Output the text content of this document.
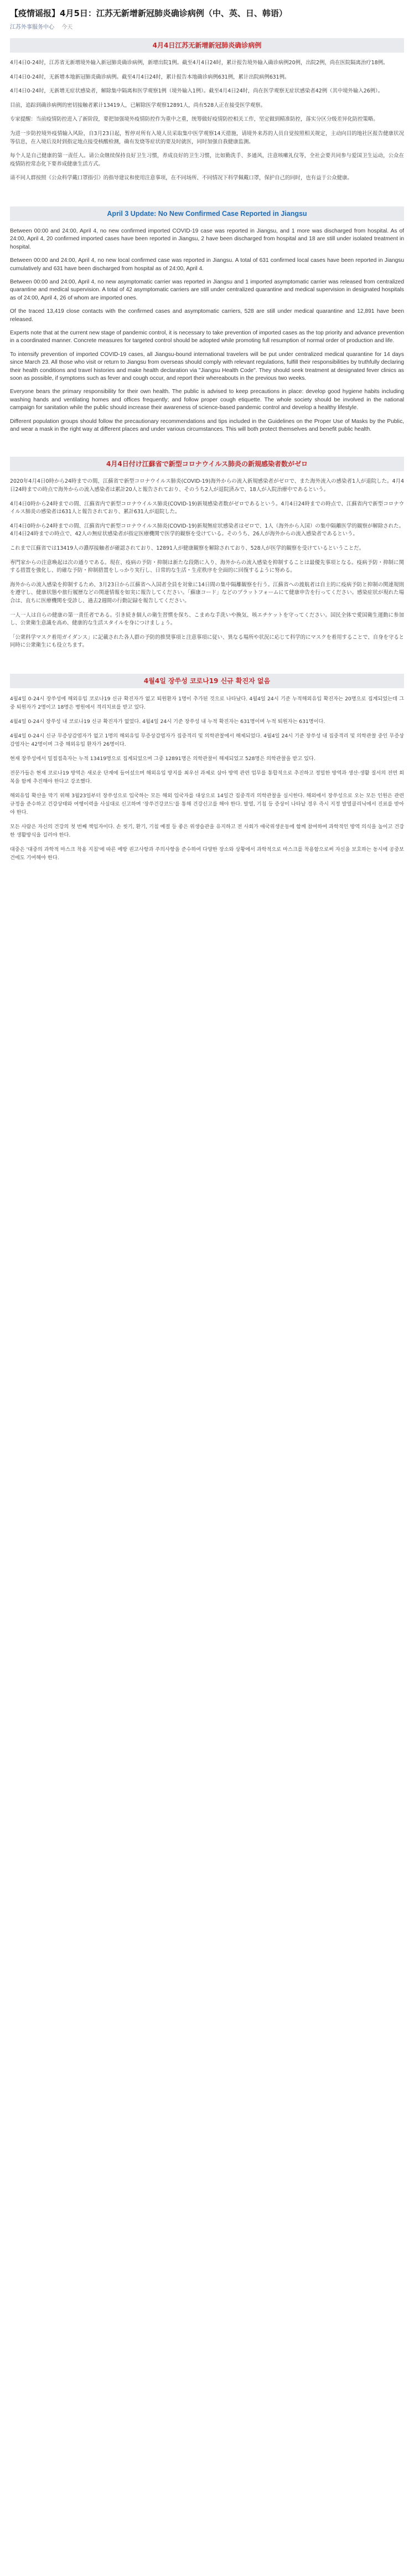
【疫情谣报】4月5日：江苏无新增新冠肺炎确诊病例（中、英、日、韩语）
江苏外事服务中心 今天
4月4日江苏无新增新冠肺炎确诊病例

4月4日0-24时，江苏省无新增境外输入新冠肺炎确诊病例，新增出院1例。截至4月4日24时，累计报告境外输入确诊病例20例，出院2例，尚在医院隔离治疗18例。

4月4日0-24时，无新增本地新冠肺炎确诊病例。截至4月4日24时，累计报告本地确诊病例631例，累计出院病例631例。

4月4日0-24时，无新增无症状感染者，解除集中隔离和医学观察1例（境外输入1例）。截至4月4日24时，尚在医学观察无症状感染者42例（其中境外输入26例）。

目前，追踪到确诊病例的密切接触者累计13419人，已解除医学观察12891人，尚有528人正在接受医学观察。

专家提醒：当前疫情防控进入了新阶段，要把加强境外疫情防控作为重中之重，统筹做好疫情防控相关工作，坚定做到精准防控，落实分区分级差异化防控策略。

为进一步防控境外疫情输入风险，自3月23日起，暂停对所有入境人员采取集中医学观察14天措施，请境外来苏的人员自觉按照相关规定，主动向目的地社区报告健康状况等信息，在入境后及时到指定地点接受核酸检测，确有发烧等症状的要及时就医，同时加强自我健康监测。

每个人是自己健康的第一责任人。请公众继续保持良好卫生习惯，养成良好的卫生习惯，比如勤洗手、多通风，注意咳嗽礼仪等，全社会要共同参与爱国卫生运动，公众在疫情防控常态化下要养成健康生活方式。

请不同人群按照《公众科学戴口罩指引》的指导建议和使用注意事项，在不同场所、不同情况下科学佩戴口罩，保护自己的同时，也有益于公众健康。

April 3 Update: No New Confirmed Case Reported in Jiangsu

Between 00:00 and 24:00, April 4, no new confirmed imported COVID-19 case was reported in Jiangsu, and 1 more was discharged from hospital. As of 24:00, April 4, 20 confirmed imported cases have been reported in Jiangsu, 2 have been discharged from hospital and 18 are still under isolated treatment in hospital.

Between 00:00 and 24:00, April 4, no new local confirmed case was reported in Jiangsu. A total of 631 confirmed local cases have been reported in Jiangsu cumulatively and 631 have been discharged from hospital as of 24:00, April 4.

Between 00:00 and 24:00, April 4, no new asymptomatic carrier was reported in Jiangsu and 1 imported asymptomatic carrier was released from centralized quarantine and medical supervision. A total of 42 asymptomatic carriers are still under centralized quarantine and medical supervision in designated hospitals as of 24:00, April 4, 26 of whom are imported ones.

Of the traced 13,419 close contacts with the confirmed cases and asymptomatic carriers, 528 are still under medical quarantine and 12,891 have been released.

Experts note that at the current new stage of pandemic control, it is necessary to take prevention of imported cases as the top priority and advance prevention in a coordinated manner. Concrete measures for targeted control should be adopted while promoting full resumption of normal order of production and life.

To intensify prevention of imported COVID-19 cases, all Jiangsu-bound international travelers will be put under centralized medical quarantine for 14 days since March 23. All those who visit or return to Jiangsu from overseas should comply with relevant regulations, fulfill their responsibilities by truthfully declaring their health conditions and travel histories and make health declaration via "Jiangsu Health Code". They should seek treatment at designated fever clinics as soon as possible, if symptoms such as fever and cough occur, and report their whereabouts in the previous two weeks.

Everyone bears the primary responsibility for their own health. The public is advised to keep precautions in place: develop good hygiene habits including washing hands and ventilating homes and offices frequently; and follow proper cough etiquette. The whole society should be involved in the national campaign for sanitation while the public should increase their awareness of science-based pandemic control and develop a healthy lifestyle.

Different population groups should follow the precautionary recommendations and tips included in the Guidelines on the Proper Use of Masks by the Public, and wear a mask in the right way at different places and under various circumstances. This will both protect themselves and benefit public health.

4月4日付け江蘇省で新型コロナウイルス肺炎の新規感染者数がゼロ

2020年4月4日0時から24時までの間、江蘇省で新型コロナウイルス肺炎(COVID-19)海外からの流入新規感染者がゼロで、また海外流入の感染者1人が退院した。4月4日24時までの時点で海外からの流入感染者は累計20人と報告されており、そのうち2人が退院済みで、18人が入院治療中であるという。

4月4日0時から24時までの間、江蘇省内で新型コロナウイルス肺炎(COVID-19)新規感染者数がゼロであるという。4月4日24時までの時点で、江蘇省内で新型コロナウイルス肺炎の感染者は631人と報告されており、累計631人が退院した。

4月4日0時から24時までの間、江蘇省内で新型コロナウイルス肺炎(COVID-19)新規無症状感染者はゼロで、1人（海外から入国）の集中隔離医学的観察が解除された。4月4日24時までの時点で、42人の無症状感染者が指定医療機関で医学的観察を受けている。そのうち、26人が海外からの流入感染者であるという。

これまで江蘇省では13419人の濃厚接触者が確認されており、12891人が健康観察を解除されており、528人が医学的観察を受けているということだ。

専門家からの注意喚起は次の通りである。現在、疫病の予防・抑制は新たな段階に入り、海外からの流入感染を抑制することは最優先事項となる。疫病予防・抑制に関する措置を強化し、的確な予防・抑制措置をしっかり実行し、日常的な生活・生産秩序を全面的に回復するように努める。

海外からの流入感染を抑制するため、3月23日から江蘇省へ入国者全員を対象に14日間の集中隔離観察を行う。江蘇省への渡航者は自主的に疫病予防と抑制の関連規則を遵守し、健康状態や旅行履歴などの関連情報を如実に報告してください。「蘇康コード」などのプラットフォームにて健康申告を行ってください。感染症状が現れた場合は、直ちに医療機関を受診し、過去2週間の行動記録を報告してください。

一人一人は自らの健康の第一責任者である。引き続き個人の衛生習慣を保ち、こまめな手洗いや換気、咳エチケットを守ってください。国民全体で愛国衛生運動に参加し、公衆衛生意識を高め、健康的な生活スタイルを身につけましょう。

「公衆科学マスク着用ガイダンス」に記載された各人群の予防的推奨事項と注意事項に従い、異なる場所や状況に応じて科学的にマスクを着用することで、自身を守ると同時に公衆衛生にも役立ちます。

4월4일 장쑤성 코로나19 신규 확진자 없음

4월4일 0-24시 장쑤성에 해외유입 코로나19 신규 확진자가 없고 퇴원환자 1명이 추가된 것으로 나타났다. 4월4일 24시 기준 누적해외유입 확진자는 20명으로 집계되었는데 그 중 퇴원자가 2명이고 18명은 병원에서 격리치료를 받고 있다.

4월4일 0-24시 장쑤성 내 코로나19 신규 확진자가 없었다. 4월4일 24시 기준 장쑤성 내 누적 확진자는 631명이며 누적 퇴원자는 631명이다.

4월4일 0-24시 신규 무증상감염자가 없고 1명의 해외유입 무증상감염자가 집중격리 및 의학관찰에서 해제되었다. 4월4일 24시 기준 장쑤성 내 집중격리 및 의학관찰 중인 무증상감염자는 42명이며 그중 해외유입 환자가 26명이다.

현재 장쑤성에서 밀접접촉자는 누적 13419명으로 집계되었으며 그중 12891명은 의학관찰이 해제되었고 528명은 의학관찰을 받고 있다.

전문가들은 현재 코로나19 방역은 새로운 단계에 들어섰으며 해외유입 방지를 최우선 과제로 삼아 방역 관련 업무를 통합적으로 추진하고 정밀한 방역과 생산·생활 질서의 전면 회복을 함께 추진해야 한다고 강조했다.

해외유입 확산을 막기 위해 3월23일부터 장쑤성으로 입국하는 모든 해외 입국자를 대상으로 14일간 집중격리 의학관찰을 실시한다. 해외에서 장쑤성으로 오는 모든 인원은 관련 규정을 준수하고 건강상태와 여행이력을 사실대로 신고하며 '장쑤건강코드'를 통해 건강신고를 해야 한다. 발열, 기침 등 증상이 나타날 경우 즉시 지정 발열클리닉에서 진료를 받아야 한다.

모든 사람은 자신의 건강의 첫 번째 책임자이다. 손 씻기, 환기, 기침 예절 등 좋은 위생습관을 유지하고 전 사회가 애국위생운동에 함께 참여하여 과학적인 방역 의식을 높이고 건강한 생활방식을 길러야 한다.

대중은 '대중의 과학적 마스크 착용 지침'에 따른 예방 권고사항과 주의사항을 준수하여 다양한 장소와 상황에서 과학적으로 마스크를 착용함으로써 자신을 보호하는 동시에 공중보건에도 기여해야 한다.
